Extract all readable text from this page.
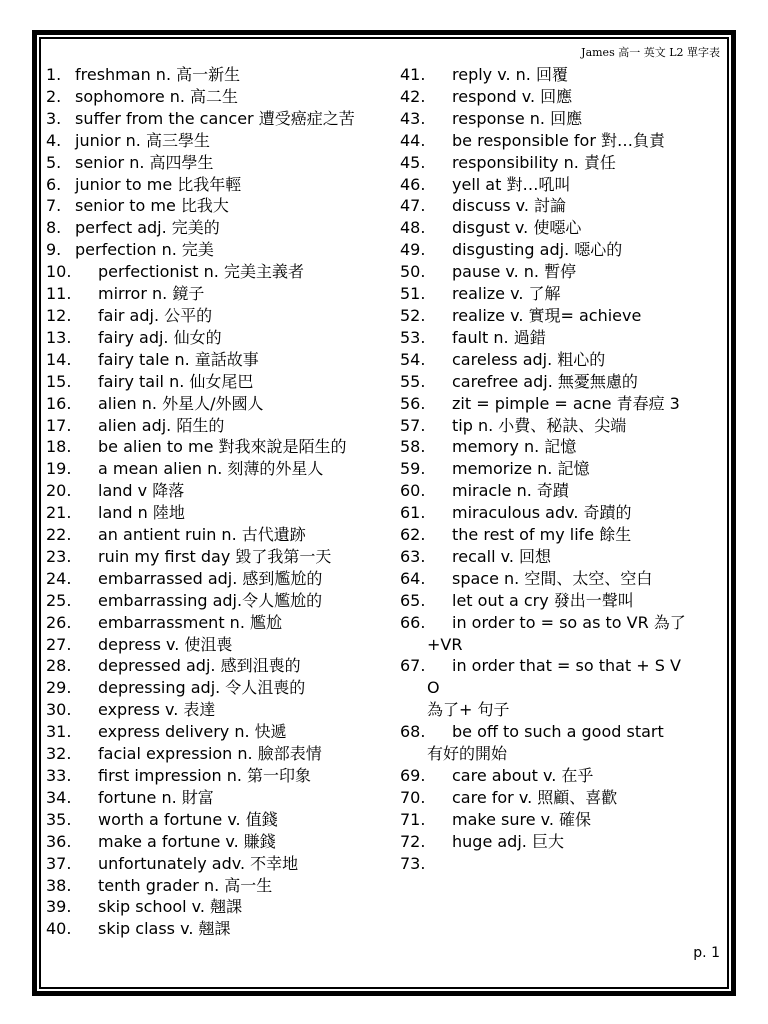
James 高一 英文 L2 單字表
1. freshman n. 高一新生
2. sophomore n. 高二生
3. suffer from the cancer 遭受癌症之苦
4. junior n. 高三學生
5. senior n. 高四學生
6. junior to me 比我年輕
7. senior to me 比我大
8. perfect adj. 完美的
9. perfection n. 完美
10.	perfectionist n. 完美主義者
11.	mirror n. 鏡子
12.	fair adj. 公平的
13.	fairy adj. 仙女的
14.	fairy tale n. 童話故事
15.	fairy tail n. 仙女尾巴
16.	alien n. 外星人/外國人
17.	alien adj. 陌生的
18.	be alien to me 對我來說是陌生的
19.	a mean alien n. 刻薄的外星人
20.	land v 降落
21.	land n 陸地
22.	an antient ruin n. 古代遺跡
23.	ruin my first day 毀了我第一天
24.	embarrassed adj. 感到尷尬的
25.	embarrassing adj.令人尷尬的
26.	embarrassment n. 尷尬
27.	depress v. 使沮喪
28.	depressed adj. 感到沮喪的
29.	depressing adj. 令人沮喪的
30.	express v. 表達
31.	express delivery n. 快遞
32.	facial expression n. 臉部表情
33.	first impression n. 第一印象
34.	fortune n. 財富
35.	worth a fortune v. 值錢
36.	make a fortune v. 賺錢
37.	unfortunately adv. 不幸地
38.	tenth grader n. 高一生
39.	skip school v. 翹課
40.	skip class v. 翹課
41.	reply v. n. 回覆
42.	respond v. 回應
43.	response n. 回應
44.	be responsible for 對…負責
45.	responsibility n. 責任
46.	yell at 對…吼叫
47.	discuss v. 討論
48.	disgust v. 使噁心
49.	disgusting adj. 噁心的
50.	pause v. n. 暫停
51.	realize v. 了解
52.	realize v. 實現= achieve
53.	fault n. 過錯
54.	careless adj. 粗心的
55.	carefree adj. 無憂無慮的
56.	zit = pimple = acne 青春痘 3
57.	tip n. 小費、秘訣、尖端
58.	memory n. 記憶
59.	memorize n. 記憶
60.	miracle n. 奇蹟
61.	miraculous adv. 奇蹟的
62.	the rest of my life 餘生
63.	recall v. 回想
64.	space n. 空間、太空、空白
65.	let out a cry 發出一聲叫
66.	in order to = so as to VR 為了
+VR
67.	in order that = so that + S V
O
為了+ 句子
68.	be off to such a good start
有好的開始
69.	care about v. 在乎
70.	care for v. 照顧、喜歡
71.	make sure v. 確保
72.	huge adj. 巨大
73.
p. 1
